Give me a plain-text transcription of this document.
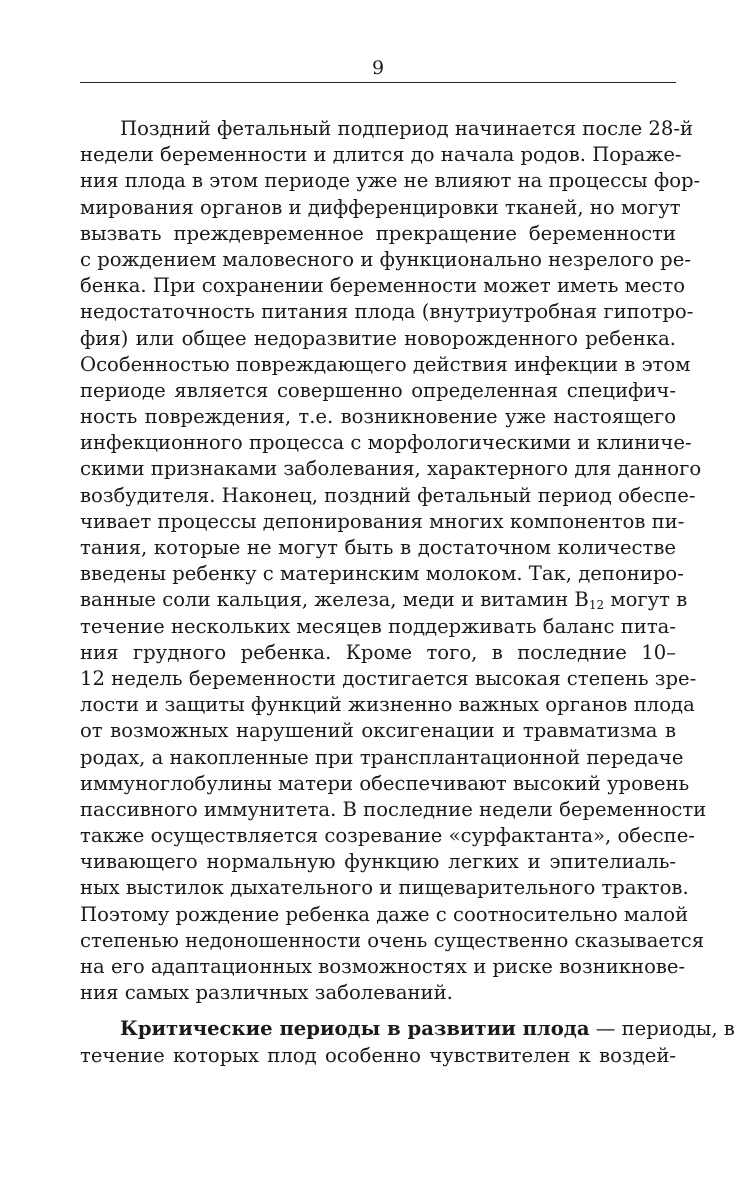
9
Поздний фетальный подпериод начинается после 28-й
недели беременности и длится до начала родов. Пораже-
ния плода в этом периоде уже не влияют на процессы фор-
мирования органов и дифференцировки тканей, но могут
вызвать преждевременное прекращение беременности
с рождением маловесного и функционально незрелого ре-
бенка. При сохранении беременности может иметь место
недостаточность питания плода (внутриутробная гипотро-
фия) или общее недоразвитие новорожденного ребенка.
Особенностью повреждающего действия инфекции в этом
периоде является совершенно определенная специфич-
ность повреждения, т.е. возникновение уже настоящего
инфекционного процесса с морфологическими и клиниче-
скими признаками заболевания, характерного для данного
возбудителя. Наконец, поздний фетальный период обеспе-
чивает процессы депонирования многих компонентов пи-
тания, которые не могут быть в достаточном количестве
введены ребенку с материнским молоком. Так, депониро-
ванные соли кальция, железа, меди и витамин $B_{12}$ могут в
течение нескольких месяцев поддерживать баланс пита-
ния грудного ребенка. Кроме того, в последние 10–
12 недель беременности достигается высокая степень зре-
лости и защиты функций жизненно важных органов плода
от возможных нарушений оксигенации и травматизма в
родах, а накопленные при трансплантационной передаче
иммуноглобулины матери обеспечивают высокий уровень
пассивного иммунитета. В последние недели беременности
также осуществляется созревание «сурфактанта», обеспе-
чивающего нормальную функцию легких и эпителиаль-
ных выстилок дыхательного и пищеварительного трактов.
Поэтому рождение ребенка даже с соотносительно малой
степенью недоношенности очень существенно сказывается
на его адаптационных возможностях и риске возникнове-
ния самых различных заболеваний.
Критические периоды в развитии плода — периоды, в
течение которых плод особенно чувствителен к воздей-
